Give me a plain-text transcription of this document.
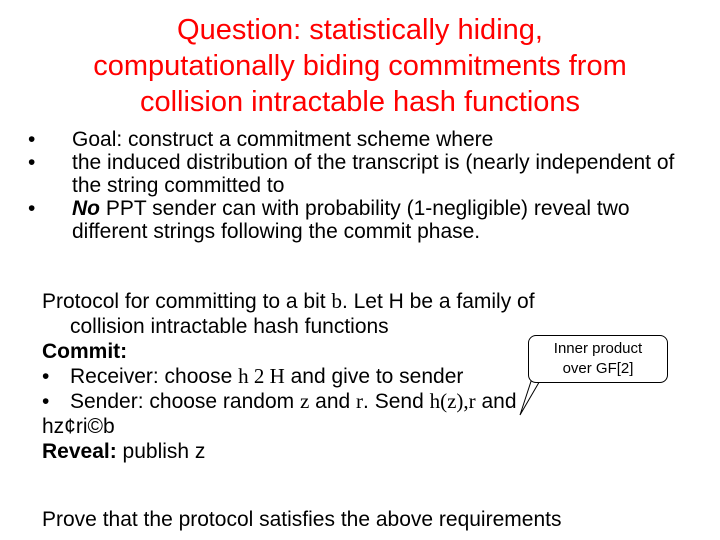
Question: statistically hiding,
computationally biding commitments from
collision intractable hash functions
•	Goal: construct a commitment scheme where
•	the induced distribution of the transcript is (nearly independent of the string committed to
•	No PPT sender can with probability (1-negligible) reveal two different strings following the commit phase.
Protocol for committing to a bit b. Let H be a family of
collision intractable hash functions
Commit:
• Receiver: choose h 2 H and give to sender
• Sender: choose random z and r. Send h(z),r and
hz¢ri©b
Reveal: publish z
Inner product
over GF[2]
Prove that the protocol satisfies the above requirements
